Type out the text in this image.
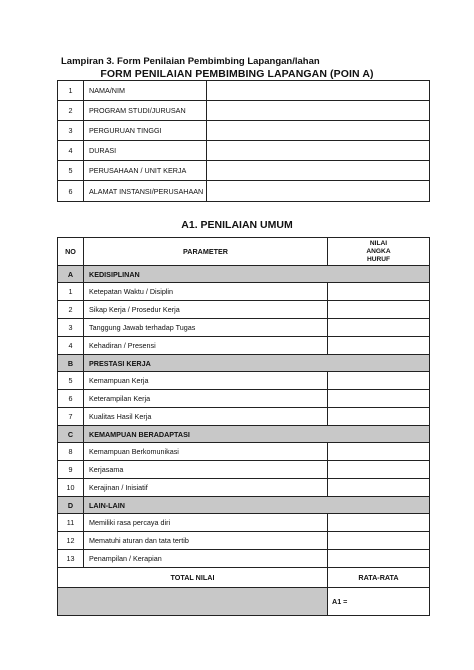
Lampiran 3. Form Penilaian Pembimbing Lapangan/lahan
FORM PENILAIAN PEMBIMBING LAPANGAN (POIN A)
1	NAMA/NIM	
2	PROGRAM STUDI/JURUSAN	
3	PERGURUAN TINGGI	
4	DURASI	
5	PERUSAHAAN / UNIT KERJA	
6	ALAMAT INSTANSI/PERUSAHAAN	
A1. PENILAIAN UMUM
NO	PARAMETER	NILAI
ANGKA
HURUF

A	KEDISIPLINAN	
1	Ketepatan Waktu / Disiplin	
2	Sikap Kerja / Prosedur Kerja	
3	Tanggung Jawab terhadap Tugas	
4	Kehadiran / Presensi	
B	PRESTASI KERJA	
5	Kemampuan Kerja	
6	Keterampilan Kerja	
7	Kualitas Hasil Kerja	
C	KEMAMPUAN BERADAPTASI	
8	Kemampuan Berkomunikasi	
9	Kerjasama	
10	Kerajinan / Inisiatif	
D	LAIN-LAIN	
11	Memiliki rasa percaya diri	
12	Mematuhi aturan dan tata tertib	
13	Penampilan / Kerapian	
TOTAL NILAI		RATA-RATA
		A1 =
